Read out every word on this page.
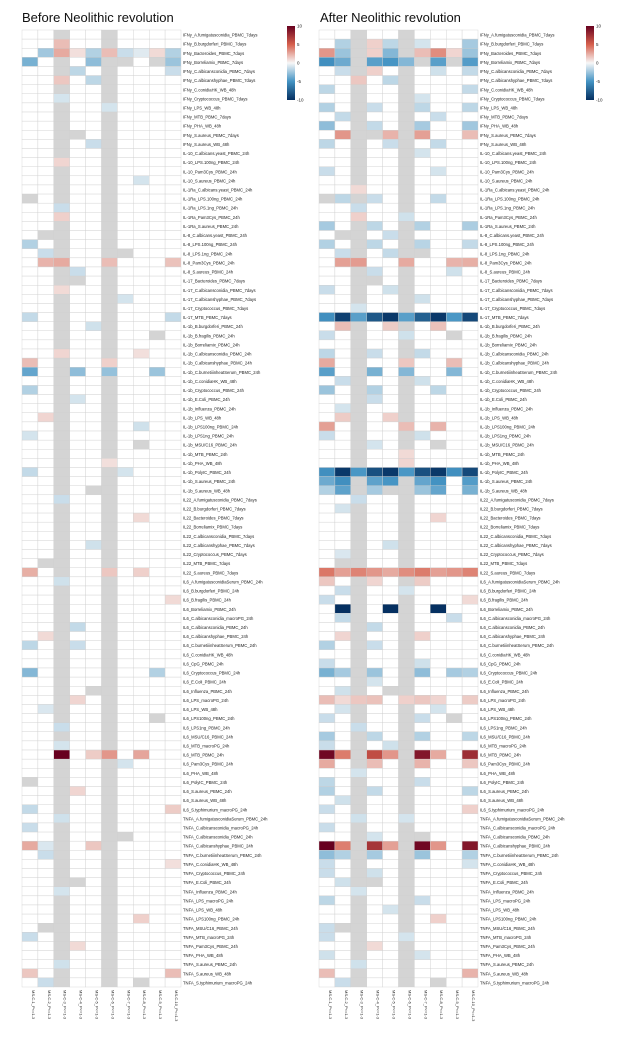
Before Neolithic revolution	After Neolithic revolution
IFNy_A.fumigatusconidia_PBMC_7days
IFNy_B.burgdorferi_PBMC_7days
IFNy_Bacteroides_PBMC_7days
IFNy_Borreliamix_PBMC_7days
IFNy_C.albicansconidia_PBMC_7days
IFNy_C.albicanshyphae_PBMC_7days
IFNy_C.conidiaHK_WB_48h
IFNy_Cryptococcus_PBMC_7days
IFNy_LPS_WB_48h
IFNy_MTB_PBMC_7days
IFNy_PHA_WB_48h
IFNy_S.aureus_PBMC_7days
IFNy_S.aureus_WB_48h
IL-10_C.albicans.yeast_PBMC_24h
IL-10_LPS.100ng_PBMC_24h
IL-10_Pam3Cys_PBMC_24h
IL-10_S.aureus_PBMC_24h
IL-1Ra_C.albicans.yeast_PBMC_24h
IL-1Ra_LPS.100ng_PBMC_24h
IL-1Ra_LPS.1ng_PBMC_24h
IL-1Ra_Pam3Cys_PBMC_24h
IL-1Ra_S.aureus_PBMC_24h
IL-8_C.albicans.yeast_PBMC_24h
IL-8_LPS.100ng_PBMC_24h
IL-8_LPS.1ng_PBMC_24h
IL-8_Pam3Cys_PBMC_24h
IL-8_S.aureus_PBMC_24h
IL-17_Bacteroides_PBMC_7days
IL-17_C.albicansconidia_PBMC_7days
IL-17_C.albicanshyphae_PBMC_7days
IL-17_Cryptococcus_PBMC_7days
IL-17_MTB_PBMC_7days
IL-1b_B.burgdorferi_PBMC_24h
IL-1b_B.fragilis_PBMC_24h
IL-1b_Borreliamix_PBMC_24h
IL-1b_C.albicansconidia_PBMC_24h
IL-1b_C.albicanshyphae_PBMC_24h
IL-1b_C.burnetiiinheatSerum_PBMC_24h
IL-1b_C.conidiaHK_WB_48h
IL-1b_Cryptococcus_PBMC_24h
IL-1b_E.Coli_PBMC_24h
IL-1b_Influenza_PBMC_24h
IL-1b_LPS_WB_48h
IL-1b_LPS100ng_PBMC_24h
IL-1b_LPS1ng_PBMC_24h
IL-1b_MSU/C16_PBMC_24h
IL-1b_MTB_PBMC_24h
IL-1b_PHA_WB_48h
IL-1b_PolyIC_PBMC_24h
IL-1b_S.aureus_PBMC_24h
IL-1b_S.aureus_WB_48h
IL22_A.fumigatusconidia_PBMC_7days
IL22_B.burgdorferi_PBMC_7days
IL22_Bacteroides_PBMC_7days
IL22_Borreliamix_PBMC_7days
IL22_C.albicansconidia_PBMC_7days
IL22_C.albicanshyphae_PBMC_7days
IL22_Cryptococcus_PBMC_7days
IL22_MTB_PBMC_7days
IL22_S.aureus_PBMC_7days
IL6_A.fumigatusconidiaSerum_PBMC_24h
IL6_B.burgdorferi_PBMC_24h
IL6_B.fragilis_PBMC_24h
IL6_Borreliamix_PBMC_24h
IL6_C.albicansconidia_macroPG_24h
IL6_C.albicansconidia_PBMC_24h
IL6_C.albicanshyphae_PBMC_24h
IL6_C.burnetiiinheatSerum_PBMC_24h
IL6_C.conidiaHK_WB_48h
IL6_CpG_PBMC_24h
IL6_Cryptococcus_PBMC_24h
IL6_E.Coli_PBMC_24h
IL6_Influenza_PBMC_24h
IL6_LPS_macroPG_24h
IL6_LPS_WB_48h
IL6_LPS100ng_PBMC_24h
IL6_LPS1ng_PBMC_24h
IL6_MSU/C16_PBMC_24h
IL6_MTB_macroPG_24h
IL6_MTB_PBMC_24h
IL6_Pam3Cys_PBMC_24h
IL6_PHA_WB_48h
IL6_PolyIC_PBMC_24h
IL6_S.aureus_PBMC_24h
IL6_S.aureus_WB_48h
IL6_S.typhimurium_macroPG_24h
TNFA_A.fumigatusconidiaSerum_PBMC_24h
TNFA_C.albicansconidia_macroPG_24h
TNFA_C.albicansconidia_PBMC_24h
TNFA_C.albicanshyphae_PBMC_24h
TNFA_C.burnetiiinheatSerum_PBMC_24h
TNFA_C.conidiaHK_WB_48h
TNFA_Cryptococcus_PBMC_24h
TNFA_E.Coli_PBMC_24h
TNFA_Influenza_PBMC_24h
TNFA_LPS_macroPG_24h
TNFA_LPS_WB_48h
TNFA_LPS100ng_PBMC_24h
TNFA_MSU/C16_PBMC_24h
TNFA_MTB_macroPG_24h
TNFA_Pam3Cys_PBMC_24h
TNFA_PHA_WB_48h
TNFA_S.aureus_PBMC_24h
TNFA_S.aureus_WB_48h
TNFA_S.typhimurium_macroPG_24h
MS-C-1_P<=1-3	MS-C-2_P<=1-3	MS-C-3_P<=1-3	MS-C-4_P<=1-3	MS-C-5_P<=1-3	MS-C-6_P<=1-3	MS-C-7_P<=1-3	MS-C-8_P<=1-3	MS-C-9_P<=1-3	MS-C-10_P<=1-3
10
5
0
-5
-10
IFNy_A.fumigatusconidia_PBMC_7days
IFNy_B.burgdorferi_PBMC_7days
IFNy_Bacteroides_PBMC_7days
IFNy_Borreliamix_PBMC_7days
IFNy_C.albicansconidia_PBMC_7days
IFNy_C.albicanshyphae_PBMC_7days
IFNy_C.conidiaHK_WB_48h
IFNy_Cryptococcus_PBMC_7days
IFNy_LPS_WB_48h
IFNy_MTB_PBMC_7days
IFNy_PHA_WB_48h
IFNy_S.aureus_PBMC_7days
IFNy_S.aureus_WB_48h
IL-10_C.albicans.yeast_PBMC_24h
IL-10_LPS.100ng_PBMC_24h
IL-10_Pam3Cys_PBMC_24h
IL-10_S.aureus_PBMC_24h
IL-1Ra_C.albicans.yeast_PBMC_24h
IL-1Ra_LPS.100ng_PBMC_24h
IL-1Ra_LPS.1ng_PBMC_24h
IL-1Ra_Pam3Cys_PBMC_24h
IL-1Ra_S.aureus_PBMC_24h
IL-8_C.albicans.yeast_PBMC_24h
IL-8_LPS.100ng_PBMC_24h
IL-8_LPS.1ng_PBMC_24h
IL-8_Pam3Cys_PBMC_24h
IL-8_S.aureus_PBMC_24h
IL-17_Bacteroides_PBMC_7days
IL-17_C.albicansconidia_PBMC_7days
IL-17_C.albicanshyphae_PBMC_7days
IL-17_Cryptococcus_PBMC_7days
IL-17_MTB_PBMC_7days
IL-1b_B.burgdorferi_PBMC_24h
IL-1b_B.fragilis_PBMC_24h
IL-1b_Borreliamix_PBMC_24h
IL-1b_C.albicansconidia_PBMC_24h
IL-1b_C.albicanshyphae_PBMC_24h
IL-1b_C.burnetiiinheatSerum_PBMC_24h
IL-1b_C.conidiaHK_WB_48h
IL-1b_Cryptococcus_PBMC_24h
IL-1b_E.Coli_PBMC_24h
IL-1b_Influenza_PBMC_24h
IL-1b_LPS_WB_48h
IL-1b_LPS100ng_PBMC_24h
IL-1b_LPS1ng_PBMC_24h
IL-1b_MSU/C16_PBMC_24h
IL-1b_MTB_PBMC_24h
IL-1b_PHA_WB_48h
IL-1b_PolyIC_PBMC_24h
IL-1b_S.aureus_PBMC_24h
IL-1b_S.aureus_WB_48h
IL22_A.fumigatusconidia_PBMC_7days
IL22_B.burgdorferi_PBMC_7days
IL22_Bacteroides_PBMC_7days
IL22_Borreliamix_PBMC_7days
IL22_C.albicansconidia_PBMC_7days
IL22_C.albicanshyphae_PBMC_7days
IL22_Cryptococcus_PBMC_7days
IL22_MTB_PBMC_7days
IL22_S.aureus_PBMC_7days
IL6_A.fumigatusconidiaSerum_PBMC_24h
IL6_B.burgdorferi_PBMC_24h
IL6_B.fragilis_PBMC_24h
IL6_Borreliamix_PBMC_24h
IL6_C.albicansconidia_macroPG_24h
IL6_C.albicansconidia_PBMC_24h
IL6_C.albicanshyphae_PBMC_24h
IL6_C.burnetiiinheatSerum_PBMC_24h
IL6_C.conidiaHK_WB_48h
IL6_CpG_PBMC_24h
IL6_Cryptococcus_PBMC_24h
IL6_E.Coli_PBMC_24h
IL6_Influenza_PBMC_24h
IL6_LPS_macroPG_24h
IL6_LPS_WB_48h
IL6_LPS100ng_PBMC_24h
IL6_LPS1ng_PBMC_24h
IL6_MSU/C16_PBMC_24h
IL6_MTB_macroPG_24h
IL6_MTB_PBMC_24h
IL6_Pam3Cys_PBMC_24h
IL6_PHA_WB_48h
IL6_PolyIC_PBMC_24h
IL6_S.aureus_PBMC_24h
IL6_S.aureus_WB_48h
IL6_S.typhimurium_macroPG_24h
TNFA_A.fumigatusconidiaSerum_PBMC_24h
TNFA_C.albicansconidia_macroPG_24h
TNFA_C.albicansconidia_PBMC_24h
TNFA_C.albicanshyphae_PBMC_24h
TNFA_C.burnetiiinheatSerum_PBMC_24h
TNFA_C.conidiaHK_WB_48h
TNFA_Cryptococcus_PBMC_24h
TNFA_E.Coli_PBMC_24h
TNFA_Influenza_PBMC_24h
TNFA_LPS_macroPG_24h
TNFA_LPS_WB_48h
TNFA_LPS100ng_PBMC_24h
TNFA_MSU/C16_PBMC_24h
TNFA_MTB_macroPG_24h
TNFA_Pam3Cys_PBMC_24h
TNFA_PHA_WB_48h
TNFA_S.aureus_PBMC_24h
TNFA_S.aureus_WB_48h
TNFA_S.typhimurium_macroPG_24h
MS-C-1_P<=1-3	MS-C-2_P<=1-3	MS-C-3_P<=1-3	MS-C-4_P<=1-3	MS-C-5_P<=1-3	MS-C-6_P<=1-3	MS-C-7_P<=1-3	MS-C-8_P<=1-3	MS-C-9_P<=1-3	MS-C-10_P<=1-3
10
5
0
-5
-10
